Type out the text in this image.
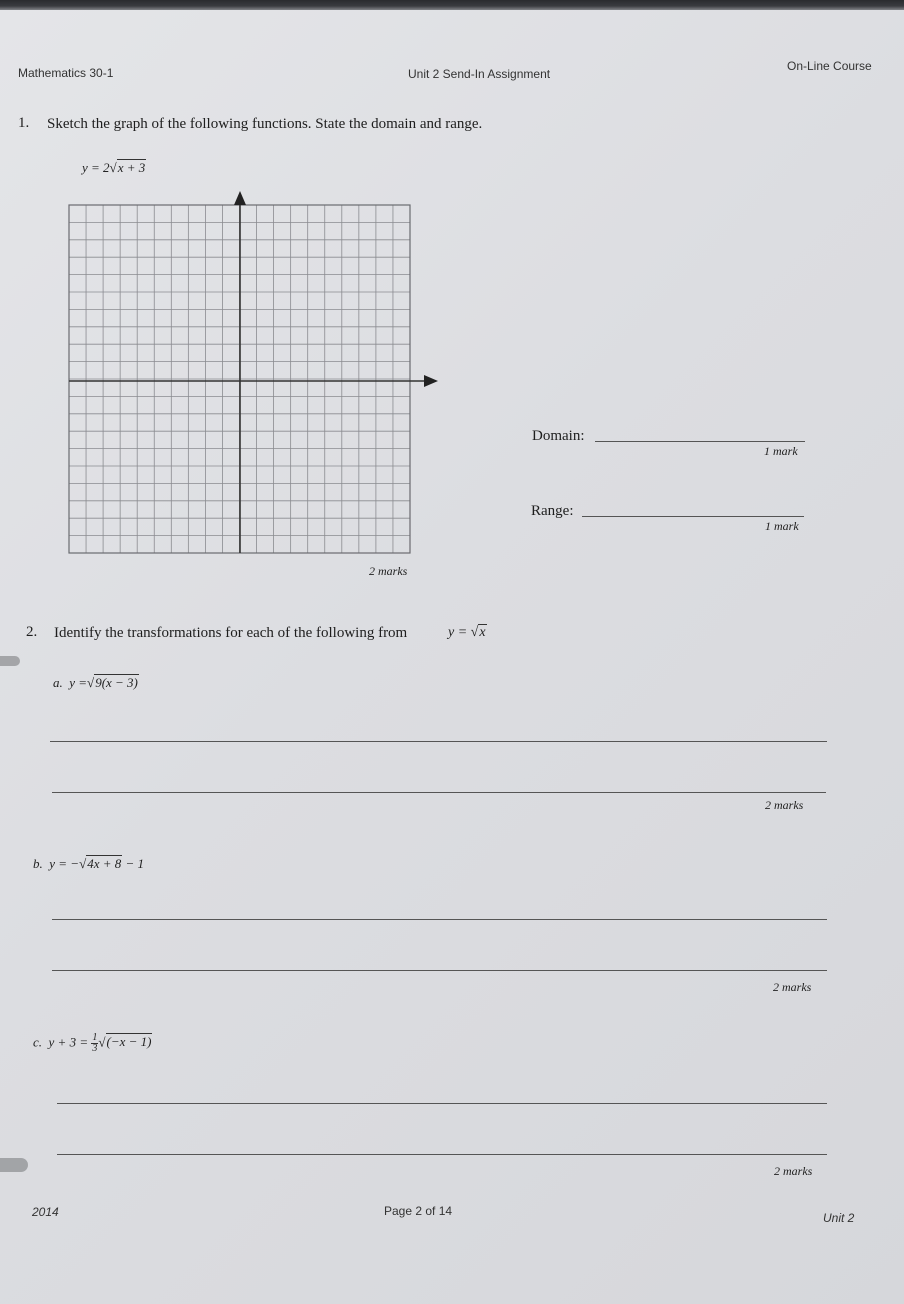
Mathematics 30-1	Unit 2 Send-In Assignment
On-Line Course
1. Sketch the graph of the following functions. State the domain and range.
y = 2√x + 3
2 marks
Domain:
1 mark
Range:
1 mark
2. Identify the transformations for each of the following from	y = √x
a. y =√9(x − 3)
2 marks
b. y = −√4x + 8 − 1
2 marks
c. $y + 3 = \frac{1}{3} √(-x - 1)$
2 marks
2014	Page 2 of 14	Unit 2
